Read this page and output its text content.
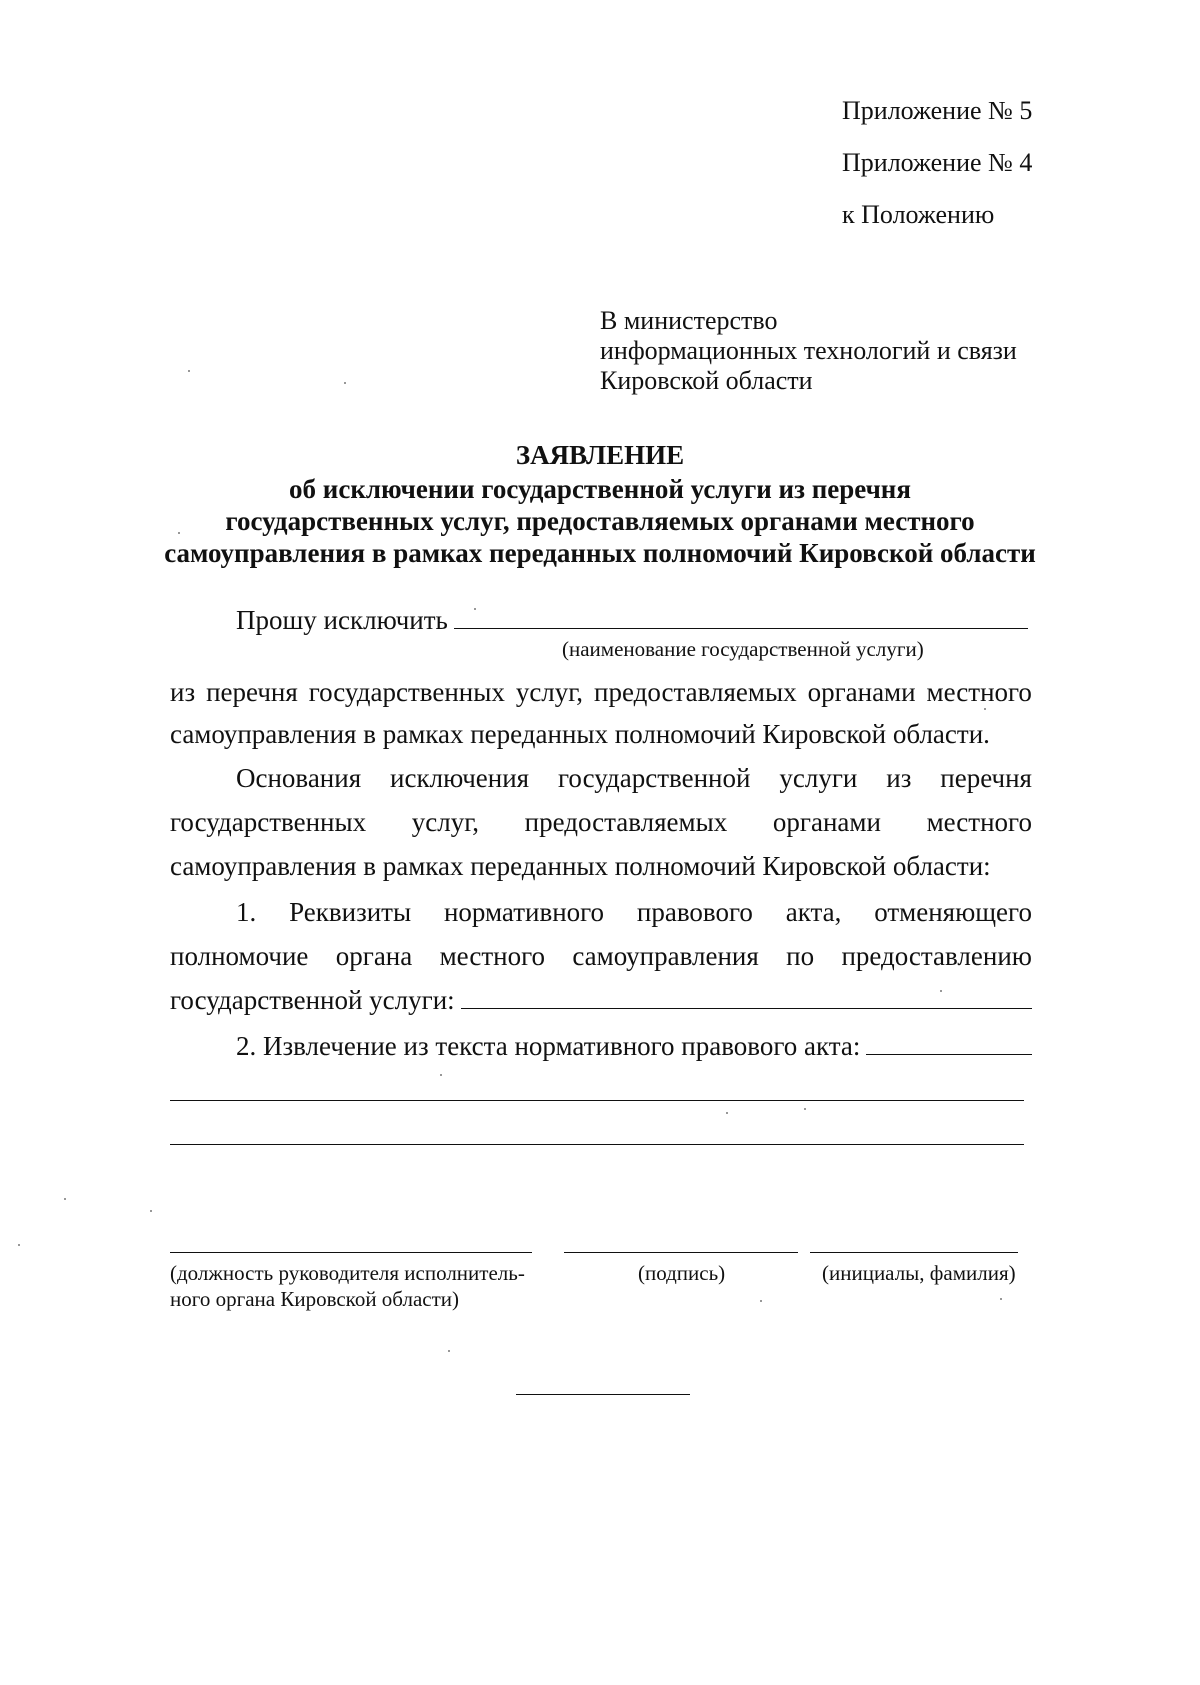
Приложение № 5
Приложение № 4
к Положению
В министерство
информационных технологий и связи
Кировской области
ЗАЯВЛЕНИЕ
об исключении государственной услуги из перечня
государственных услуг, предоставляемых органами местного
самоуправления в рамках переданных полномочий Кировской области
Прошу исключить
(наименование государственной услуги)
из перечня государственных услуг, предоставляемых органами местного
самоуправления в рамках переданных полномочий Кировской области.
Основания исключения государственной услуги из перечня
государственных услуг, предоставляемых органами местного
самоуправления в рамках переданных полномочий Кировской области:
1. Реквизиты нормативного правового акта, отменяющего
полномочие органа местного самоуправления по предоставлению
государственной услуги:
2. Извлечение из текста нормативного правового акта:
(должность руководителя исполнитель-
ного органа Кировской области)
(подпись)	(инициалы, фамилия)
